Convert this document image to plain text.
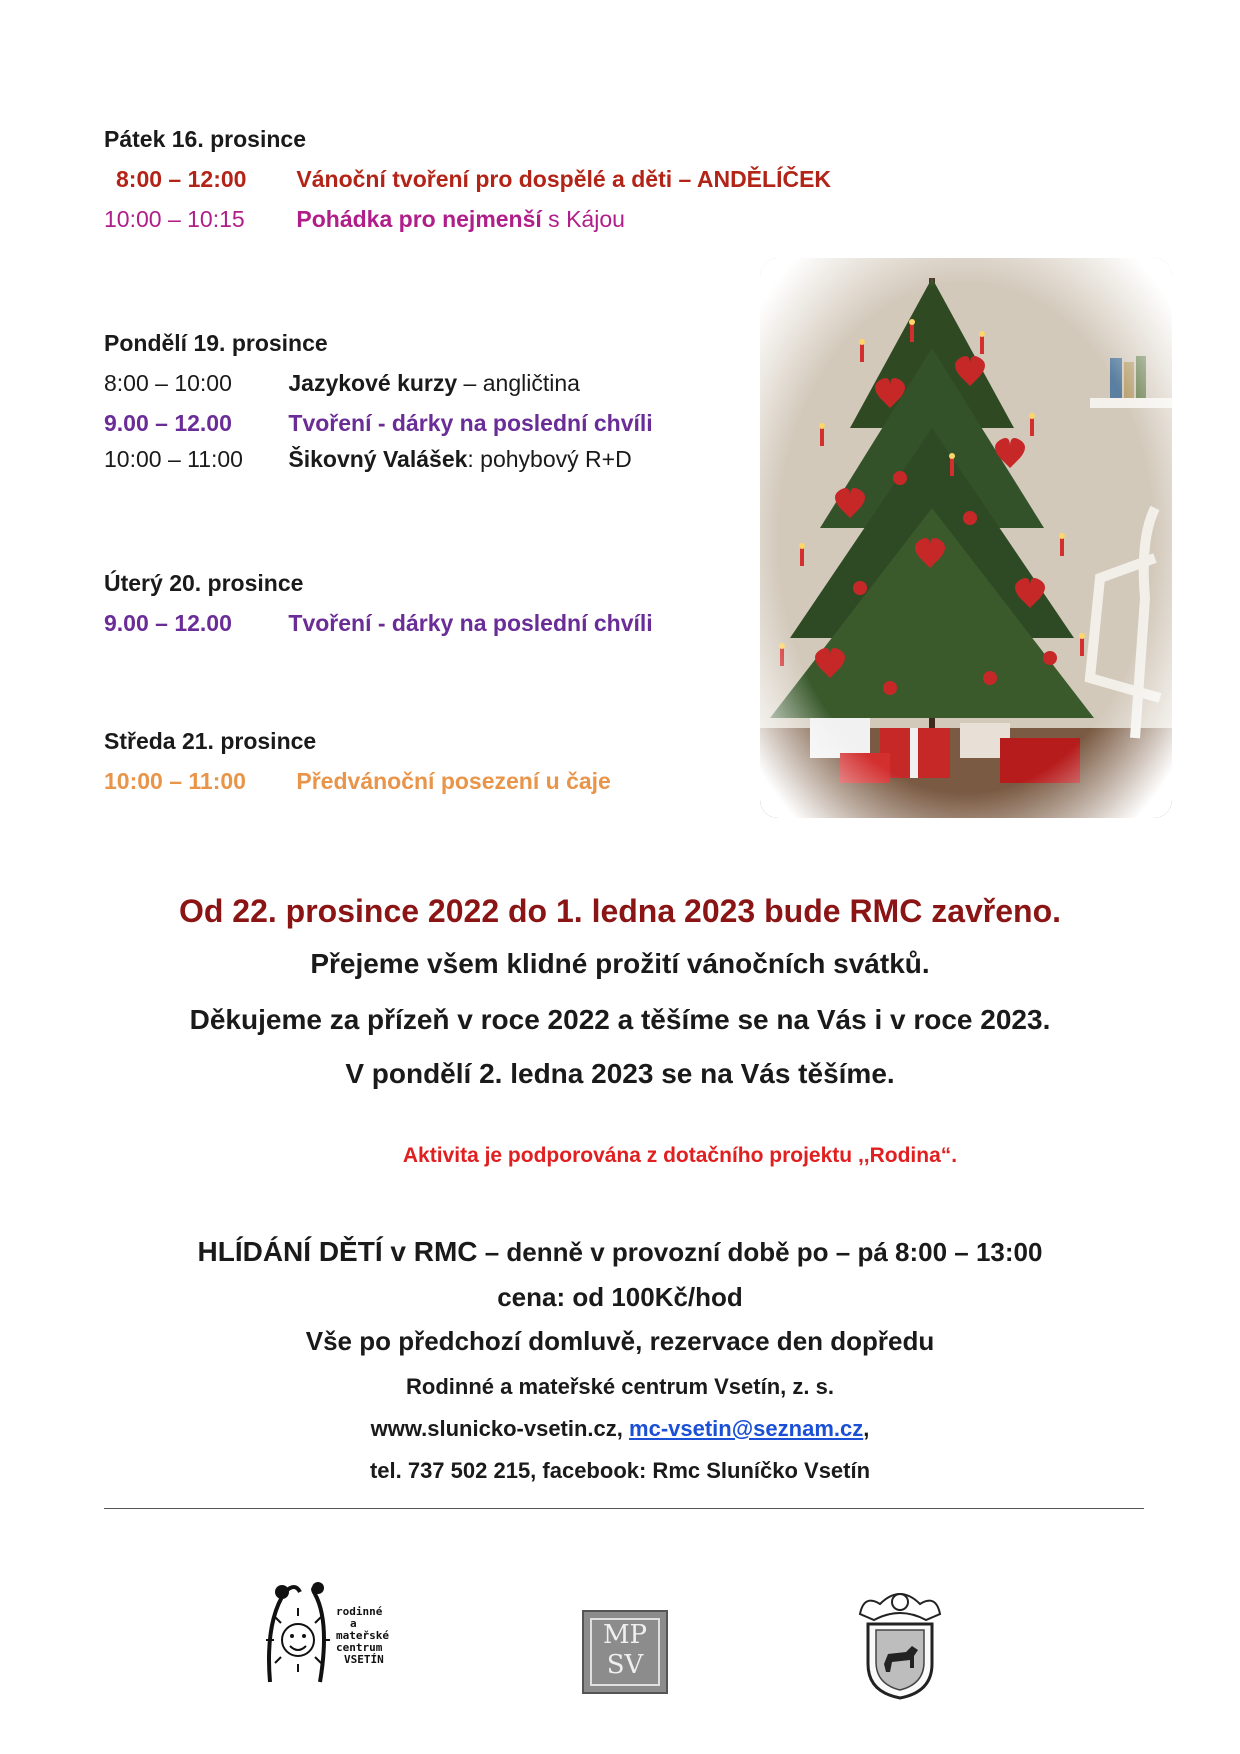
Pátek 16. prosince
8:00 – 12:00 Vánoční tvoření pro dospělé a děti – ANDĚLÍČEK
10:00 – 10:15 Pohádka pro nejmenší s Kájou
Pondělí 19. prosince
8:00 – 10:00 Jazykové kurzy – angličtina
9.00 – 12.00 Tvoření - dárky na poslední chvíli
10:00 – 11:00 Šikovný Valášek: pohybový R+D
Úterý 20. prosince
9.00 – 12.00 Tvoření - dárky na poslední chvíli
Středa 21. prosince
10:00 – 11:00 Předvánoční posezení u čaje
Od 22. prosince 2022 do 1. ledna 2023 bude RMC zavřeno.
Přejeme všem klidné prožití vánočních svátků.
Děkujeme za přízeň v roce 2022 a těšíme se na Vás i v roce 2023.
V pondělí 2. ledna 2023 se na Vás těšíme.
Aktivita je podporována z dotačního projektu ,,Rodina“.
HLÍDÁNÍ DĚTÍ v RMC – denně v provozní době po – pá 8:00 – 13:00
cena: od 100Kč/hod
Vše po předchozí domluvě, rezervace den dopředu
Rodinné a mateřské centrum Vsetín, z. s.
www.slunicko-vsetin.cz, mc-vsetin@seznam.cz,
tel. 737 502 215, facebook: Rmc Sluníčko Vsetín
rodinné
a
mateřské
centrum
VSETÍN
MP
SV
